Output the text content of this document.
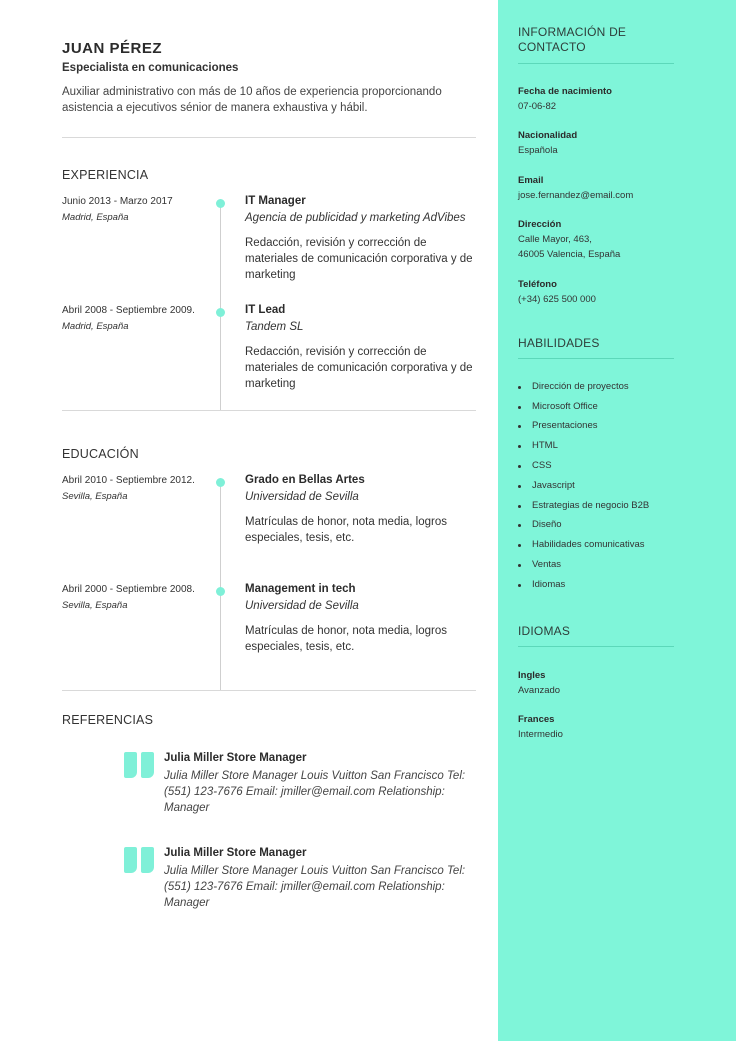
JUAN PÉREZ
Especialista en comunicaciones
Auxiliar administrativo con más de 10 años de experiencia proporcionando asistencia a ejecutivos sénior de manera exhaustiva y hábil.
EXPERIENCIA
Junio 2013 - Marzo 2017
Madrid, España
IT Manager
Agencia de publicidad y marketing AdVibes
Redacción, revisión y corrección de materiales de comunicación corporativa y de marketing
Abril 2008 - Septiembre 2009.
Madrid, España
IT Lead
Tandem SL
Redacción, revisión y corrección de materiales de comunicación corporativa y de marketing
EDUCACIÓN
Abril 2010 - Septiembre 2012.
Sevilla, España
Grado en Bellas Artes
Universidad de Sevilla
Matrículas de honor, nota media, logros especiales, tesis, etc.
Abril 2000 - Septiembre 2008.
Sevilla, España
Management in tech
Universidad de Sevilla
Matrículas de honor, nota media, logros especiales, tesis, etc.
REFERENCIAS
Julia Miller Store Manager
Julia Miller Store Manager Louis Vuitton San Francisco Tel: (551) 123-7676 Email: jmiller@email.com Relationship: Manager
Julia Miller Store Manager
Julia Miller Store Manager Louis Vuitton San Francisco Tel: (551) 123-7676 Email: jmiller@email.com Relationship: Manager
INFORMACIÓN DE CONTACTO
Fecha de nacimiento
07-06-82
Nacionalidad
Española
Email
jose.fernandez@email.com
Dirección
Calle Mayor, 463,
46005 Valencia, España
Teléfono
(+34) 625 500 000
HABILIDADES
Dirección de proyectos
Microsoft Office
Presentaciones
HTML
CSS
Javascript
Estrategias de negocio B2B
Diseño
Habilidades comunicativas
Ventas
Idiomas
IDIOMAS
Ingles
Avanzado
Frances
Intermedio
